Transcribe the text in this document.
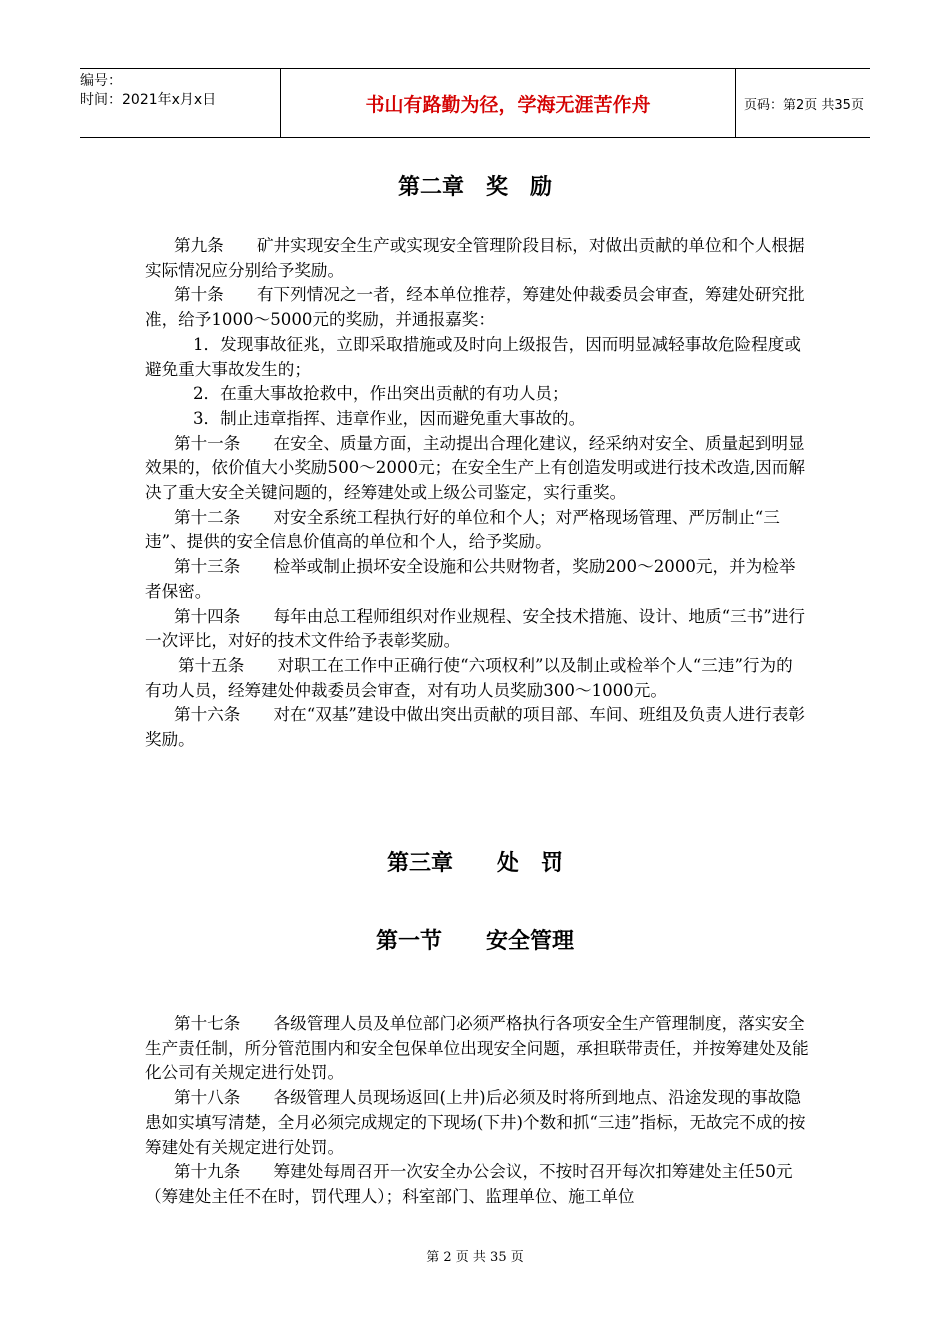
编号：
时间：2021年x月x日	书山有路勤为径，学海无涯苦作舟	页码：第2页 共35页
第二章　奖　励

第九条　　矿井实现安全生产或实现安全管理阶段目标，对做出贡献的单位和个人根据实际情况应分别给予奖励。

第十条　　有下列情况之一者，经本单位推荐，筹建处仲裁委员会审查，筹建处研究批准，给予1000～5000元的奖励，并通报嘉奖：

1．发现事故征兆，立即采取措施或及时向上级报告，因而明显减轻事故危险程度或避免重大事故发生的；

2．在重大事故抢救中，作出突出贡献的有功人员；

3．制止违章指挥、违章作业，因而避免重大事故的。

第十一条　　在安全、质量方面，主动提出合理化建议，经采纳对安全、质量起到明显效果的，依价值大小奖励500～2000元；在安全生产上有创造发明或进行技术改造,因而解决了重大安全关键问题的，经筹建处或上级公司鉴定，实行重奖。

第十二条　　对安全系统工程执行好的单位和个人；对严格现场管理、严厉制止“三违”、提供的安全信息价值高的单位和个人，给予奖励。

第十三条　　检举或制止损坏安全设施和公共财物者，奖励200～2000元，并为检举者保密。

第十四条　　每年由总工程师组织对作业规程、安全技术措施、设计、地质“三书”进行一次评比，对好的技术文件给予表彰奖励。

第十五条　　对职工在工作中正确行使“六项权利”以及制止或检举个人“三违”行为的有功人员，经筹建处仲裁委员会审查，对有功人员奖励300～1000元。

第十六条　　对在“双基”建设中做出突出贡献的项目部、车间、班组及负责人进行表彰奖励。

第三章　　处　罚
第一节　　安全管理

第十七条　　各级管理人员及单位部门必须严格执行各项安全生产管理制度，落实安全生产责任制，所分管范围内和安全包保单位出现安全问题，承担联带责任，并按筹建处及能化公司有关规定进行处罚。

第十八条　　各级管理人员现场返回(上井)后必须及时将所到地点、沿途发现的事故隐患如实填写清楚，全月必须完成规定的下现场(下井)个数和抓“三违”指标，无故完不成的按筹建处有关规定进行处罚。

第十九条　　筹建处每周召开一次安全办公会议，不按时召开每次扣筹建处主任50元（筹建处主任不在时，罚代理人）；科室部门、监理单位、施工单位

第 2 页 共 35 页
